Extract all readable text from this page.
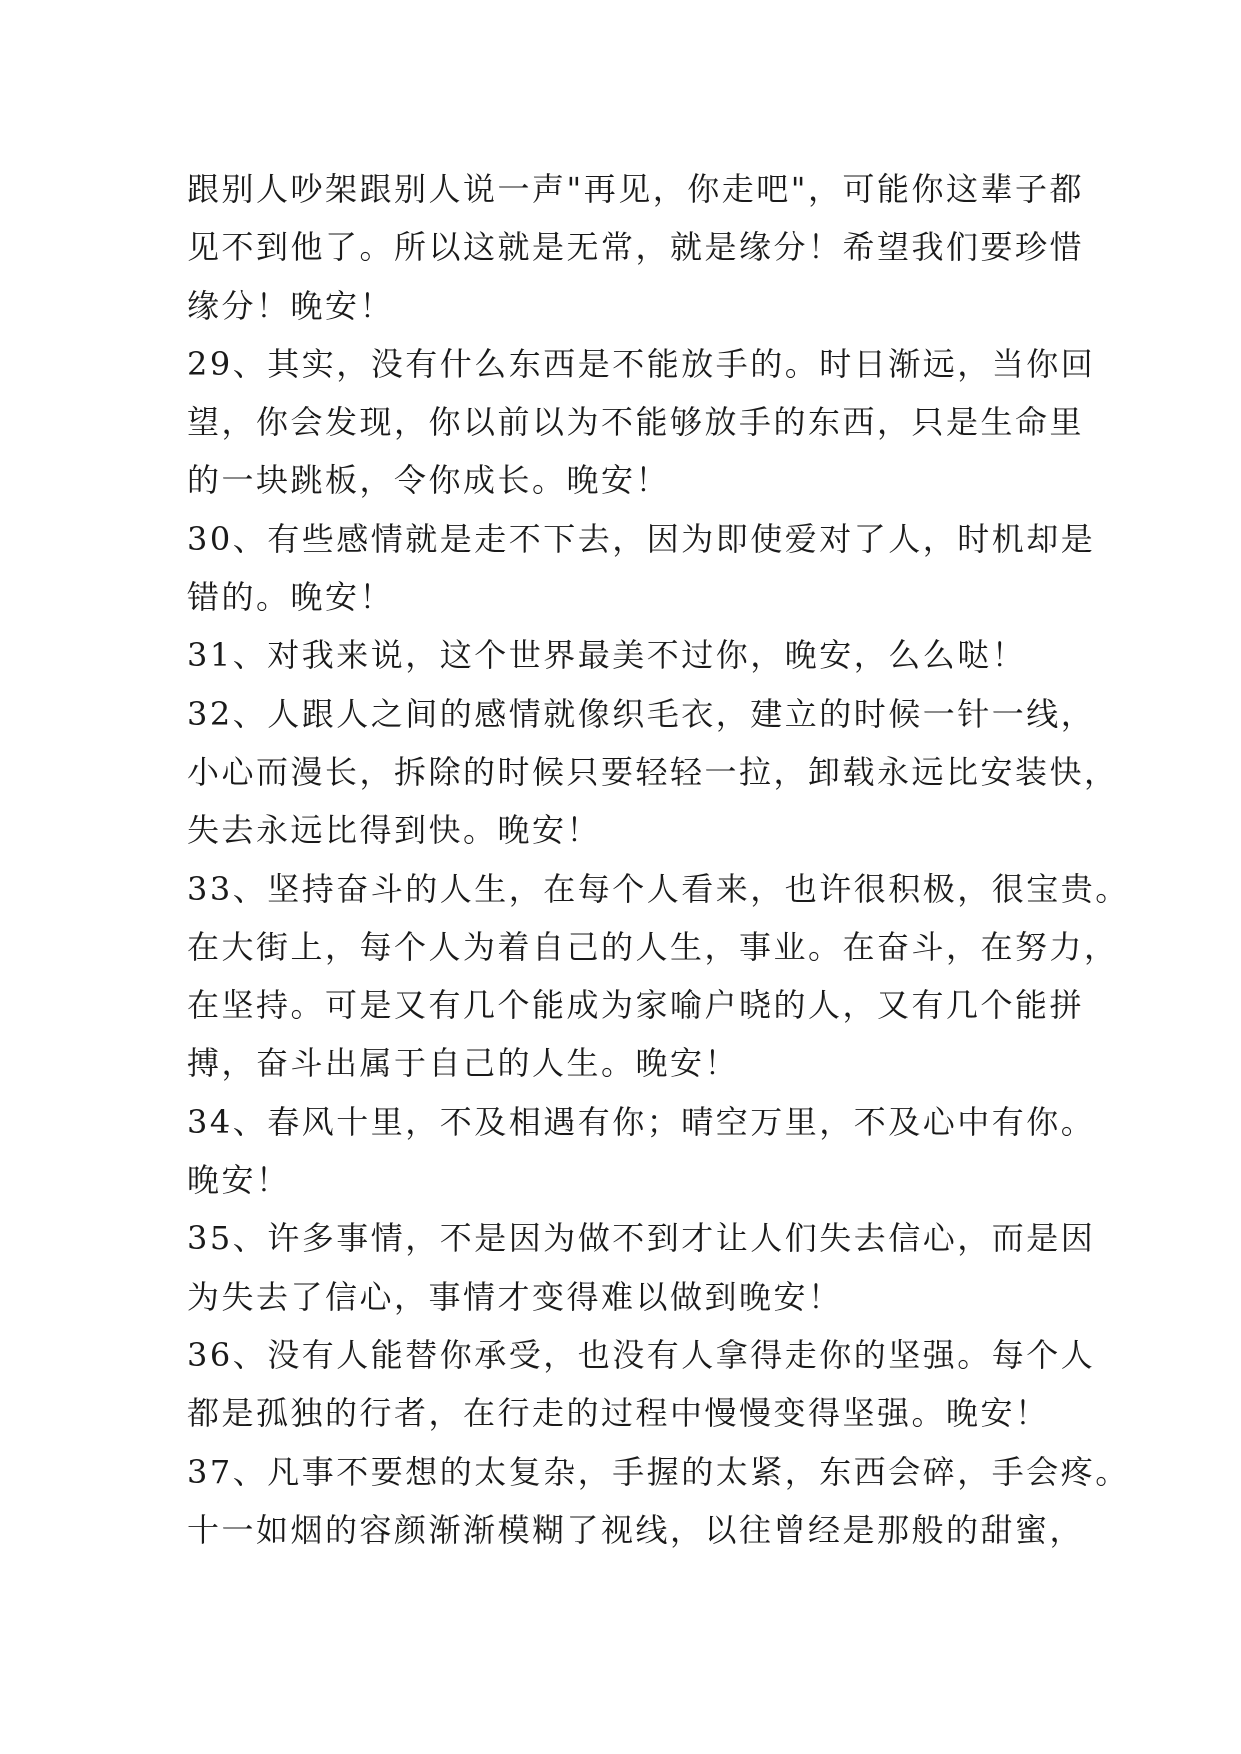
跟别人吵架跟别人说一声"再见，你走吧"，可能你这辈子都
见不到他了。所以这就是无常，就是缘分！希望我们要珍惜
缘分！晚安！
29、其实，没有什么东西是不能放手的。时日渐远，当你回
望，你会发现，你以前以为不能够放手的东西，只是生命里
的一块跳板，令你成长。晚安！
30、有些感情就是走不下去，因为即使爱对了人，时机却是
错的。晚安！
31、对我来说，这个世界最美不过你，晚安，么么哒！
32、人跟人之间的感情就像织毛衣，建立的时候一针一线，
小心而漫长，拆除的时候只要轻轻一拉，卸载永远比安装快，
失去永远比得到快。晚安！
33、坚持奋斗的人生，在每个人看来，也许很积极，很宝贵。
在大街上，每个人为着自己的人生，事业。在奋斗，在努力，
在坚持。可是又有几个能成为家喻户晓的人，又有几个能拼
搏，奋斗出属于自己的人生。晚安！
34、春风十里，不及相遇有你；晴空万里，不及心中有你。
晚安！
35、许多事情，不是因为做不到才让人们失去信心，而是因
为失去了信心，事情才变得难以做到晚安！
36、没有人能替你承受，也没有人拿得走你的坚强。每个人
都是孤独的行者，在行走的过程中慢慢变得坚强。晚安！
37、凡事不要想的太复杂，手握的太紧，东西会碎，手会疼。
十一如烟的容颜渐渐模糊了视线，以往曾经是那般的甜蜜，
